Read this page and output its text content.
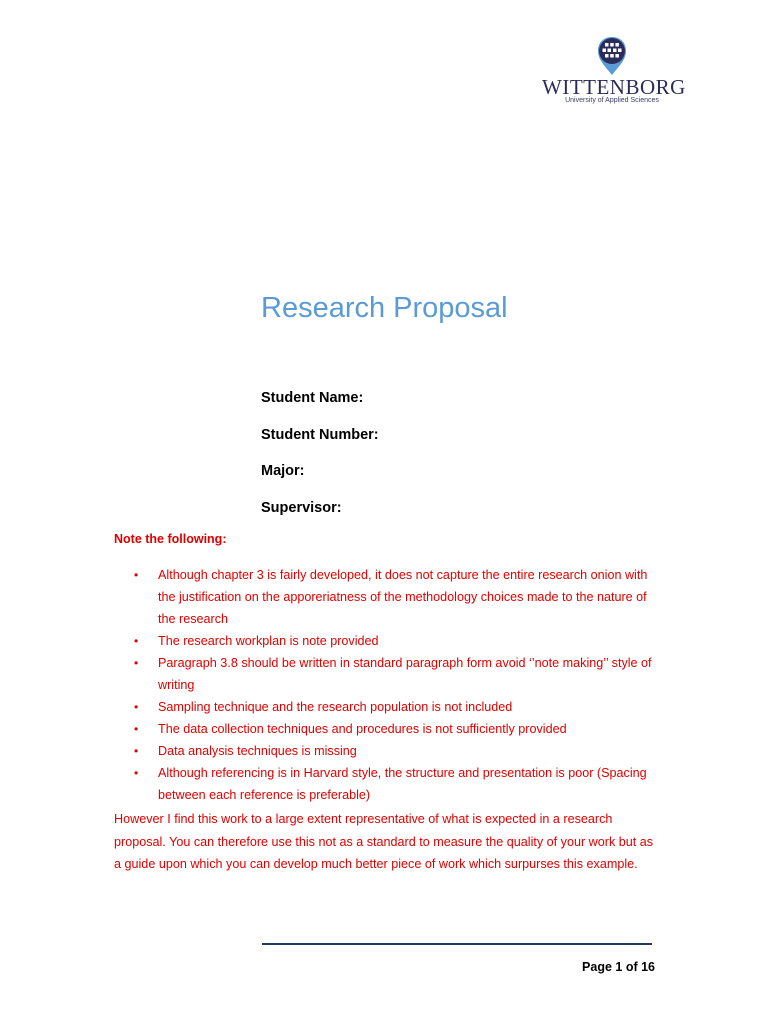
WITTENBORG
University of Applied Sciences
Research Proposal
Student Name:
Student Number:
Major:
Supervisor:

Note the following:

• Although chapter 3 is fairly developed, it does not capture the entire research onion with the justification on the apporeriatness of the methodology choices made to the nature of the research
• The research workplan is note provided
• Paragraph 3.8 should be written in standard paragraph form avoid ‘’note making’’ style of writing
• Sampling technique and the research population is not included
• The data collection techniques and procedures is not sufficiently provided
• Data analysis techniques is missing
• Although referencing is in Harvard style, the structure and presentation is poor (Spacing between each reference is preferable)

However I find this work to a large extent representative of what is expected in a research proposal. You can therefore use this not as a standard to measure the quality of your work but as a guide upon which you can develop much better piece of work which surpurses this example.

Page 1 of 16
